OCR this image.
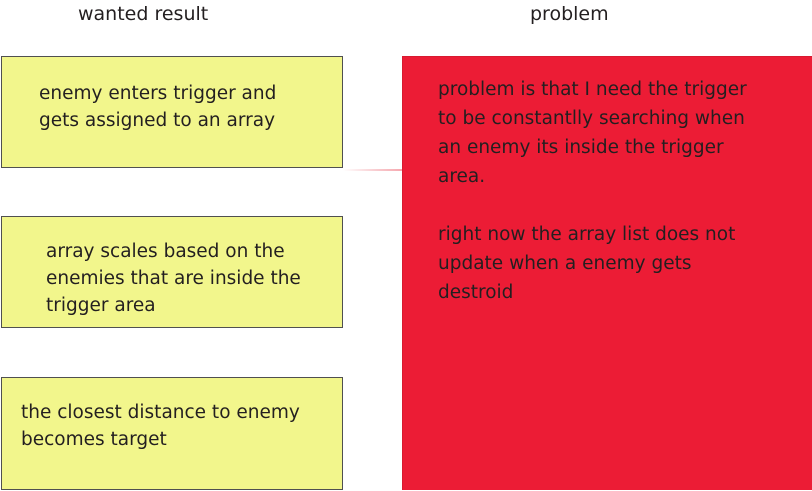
wanted result	problem
enemy enters trigger and
gets assigned to an array
array scales based on the
enemies that are inside the
trigger area
the closest distance to enemy
becomes target
problem is that I need the trigger
to be constantlly searching when
an enemy its inside the trigger
area.
right now the array list does not
update when a enemy gets
destroid
